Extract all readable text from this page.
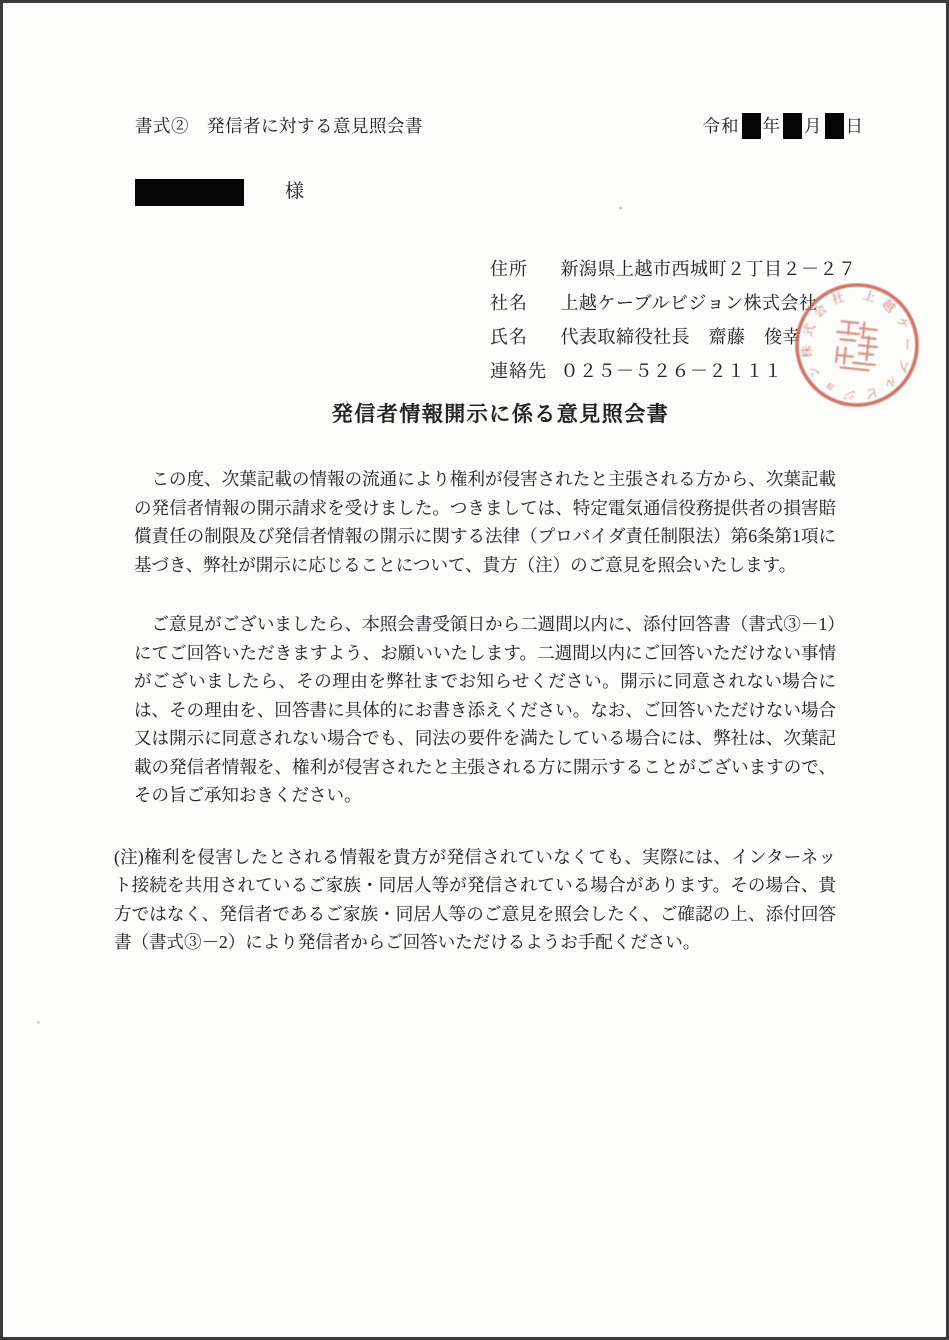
書式②　発信者に対する意見照会書	令和 年 月 日
様
住所 新潟県上越市西城町２丁目２－２７
社名 上越ケーブルビジョン株式会社
氏名 代表取締役社長　齋藤　俊幸
連絡先 ０２５－５２６－２１１１
上越ケーブルビジョン株式会社
発信者情報開示に係る意見照会書

この度、次葉記載の情報の流通により権利が侵害されたと主張される方から、次葉記載の発信者情報の開示請求を受けました。つきましては、特定電気通信役務提供者の損害賠償責任の制限及び発信者情報の開示に関する法律（プロバイダ責任制限法）第6条第1項に基づき、弊社が開示に応じることについて、貴方（注）のご意見を照会いたします。

ご意見がございましたら、本照会書受領日から二週間以内に、添付回答書（書式③－1）にてご回答いただきますよう、お願いいたします。二週間以内にご回答いただけない事情がございましたら、その理由を弊社までお知らせください。開示に同意されない場合には、その理由を、回答書に具体的にお書き添えください。なお、ご回答いただけない場合又は開示に同意されない場合でも、同法の要件を満たしている場合には、弊社は、次葉記載の発信者情報を、権利が侵害されたと主張される方に開示することがございますので、その旨ご承知おきください。

(注)権利を侵害したとされる情報を貴方が発信されていなくても、実際には、インターネット接続を共用されているご家族・同居人等が発信されている場合があります。その場合、貴方ではなく、発信者であるご家族・同居人等のご意見を照会したく、ご確認の上、添付回答書（書式③－2）により発信者からご回答いただけるようお手配ください。
